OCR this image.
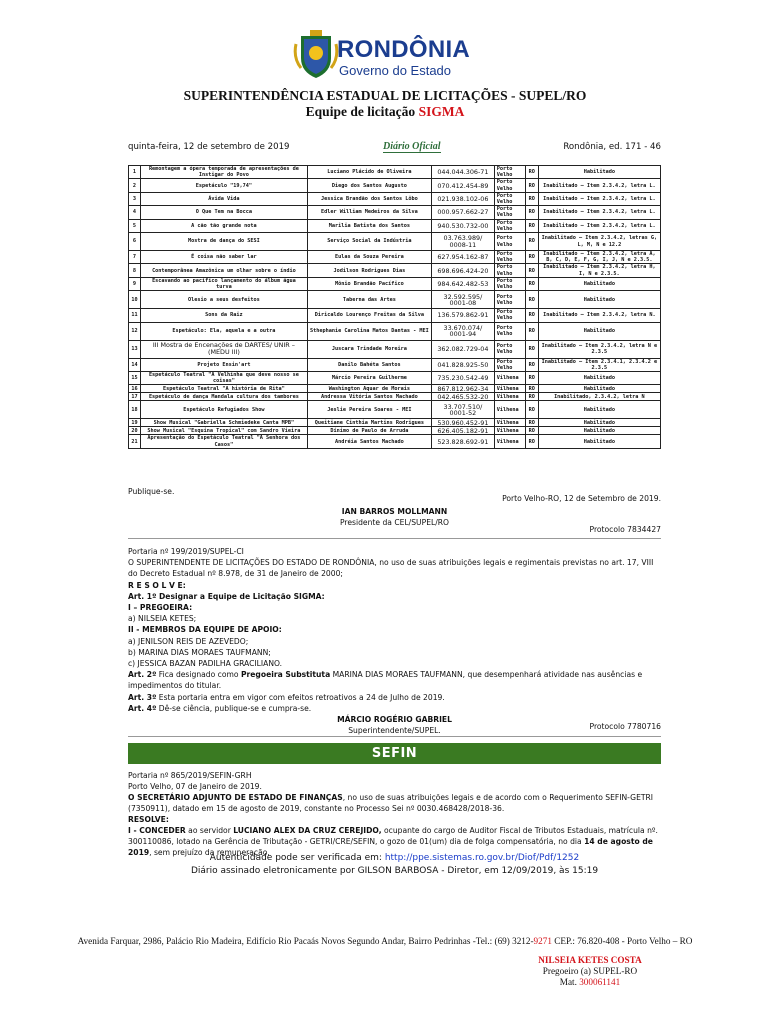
RONDÔNIA
Governo do Estado
SUPERINTENDÊNCIA ESTADUAL DE LICITAÇÕES - SUPEL/RO
Equipe de licitação SIGMA
quinta-feira, 12 de setembro de 2019	Diário Oficial	Rondônia, ed. 171 - 46
1	Remontagem a ópera temporada de apresentações de Instigar do Povo	Luciano Plácido de Oliveira	044.044.306-71	Porto Velho	RO	Habilitado
2	Espetáculo "19,74"	Diego dos Santos Augusto	070.412.454-89	Porto Velho	RO	Inabilitado – Item 2.3.4.2, letra L.
3	Ávida Vida	Jessica Brandão dos Santos Lôbo	021.938.102-06	Porto Velho	RO	Inabilitado – Item 2.3.4.2, letra L.
4	O Que Tem na Bocca	Edler William Medeiros da Silva	000.957.662-27	Porto Velho	RO	Inabilitado – Item 2.3.4.2, letra L.
5	A cão tão grande nota	Marilia Batista dos Santos	940.530.732-00	Porto Velho	RO	Inabilitado – Item 2.3.4.2, letra L.
6	Mostra de dança do SESI	Serviço Social da Indústria	03.763.989/ 0008-11	Porto Velho	RO	Inabilitado – Item 2.3.4.2, letras G, L, M, N e 12.2
7	É coisa não saber lar	Eulas da Souza Pereira	627.954.162-87	Porto Velho	RO	Inabilitado – Item 2.3.4.2, letra A, B, C, D, E, F, G, I, J, N e 2.3.5.
8	Contemporânea Amazônica um olhar sobre o índio	Jodilson Rodrigues Dias	698.696.424-20	Porto Velho	RO	Inabilitado – Item 2.3.4.2, letra H, I, N e 2.3.5.
9	Escavando ao pacifico lançamento do álbum água turva	Mônio Brandão Pacífico	984.642.482-53	Porto Velho	RO	Habilitado
10	Olesio a seus desfeitos	Taberna das Artes	32.592.595/ 0001-08	Porto Velho	RO	Habilitado
11	Sons da Raiz	Diricaldo Lourenço Freitas da Silva	136.579.862-91	Porto Velho	RO	Inabilitado – Item 2.3.4.2, letra N.
12	Espetáculo: Ela, aquela e a outra	Sthephanie Carolina Matos Dantas - MEI	33.670.074/ 0001-94	Porto Velho	RO	Habilitado
13	III Mostra de Encenações de DARTES/ UNIR – (MEDU III)	Juscara Trindade Moreira	362.082.729-04	Porto Velho	RO	Inabilitado – Item 2.3.4.2, letra N e 2.3.5
14	Projeto Ensin'art	Danilo Bahéta Santos	041.828.925-50	Porto Velho	RO	Inabilitado – Item 2.3.4.1, 2.3.4.2 e 2.3.5
15	Espetáculo Teatral "A Velhinha que deve nosso se coisas"	Márcio Pereira Guilherme	735.230.542-49	Vilhena	RO	Habilitado
16	Espetáculo Teatral "A história de Rita"	Washington Aquar de Morais	867.812.962-34	Vilhena	RO	Habilitado
17	Espetáculo de dança Mandala cultura dos tambores	Andressa Vitória Santos Machado	042.465.532-20	Vilhena	RO	Inabilitado, 2.3.4.2, letra N
18	Espetáculo Refugiados Show	Jeslie Pereira Soares - MEI	33.707.510/ 0001-52	Vilhena	RO	Habilitado
19	Show Musical "Gabriella Schmiedeke Canta MPB"	Queitiane Cinthia Martins Rodrigues	530.960.452-91	Vilhena	RO	Habilitado
20	Show Musical "Esquina Tropical" com Sandro Vieira	Dínimo de Paulo de Arruda	626.405.182-91	Vilhena	RO	Habilitado
21	Apresentação do Espetáculo Teatral "A Senhora dos Casos"	Andréia Santos Machado	523.828.692-91	Vilhena	RO	Habilitado
Publique-se.
Porto Velho-RO, 12 de Setembro de 2019.
IAN BARROS MOLLMANN
Presidente da CEL/SUPEL/RO
Protocolo 7834427

Portaria nº 199/2019/SUPEL-CI

O SUPERINTENDENTE DE LICITAÇÕES DO ESTADO DE RONDÔNIA, no uso de suas atribuições legais e regimentais previstas no art. 17, VIII do Decreto Estadual nº 8.978, de 31 de Janeiro de 2000;

R E S O L V E:

Art. 1º Designar a Equipe de Licitação SIGMA:

I – PREGOEIRA:

a) NILSEIA KETES;

II - MEMBROS DA EQUIPE DE APOIO:

a) JENILSON REIS DE AZEVEDO;

b) MARINA DIAS MORAES TAUFMANN;

c) JESSICA BAZAN PADILHA GRACILIANO.

Art. 2º Fica designado como Pregoeira Substituta MARINA DIAS MORAES TAUFMANN, que desempenhará atividade nas ausências e impedimentos do titular.

Art. 3º Esta portaria entra em vigor com efeitos retroativos a 24 de Julho de 2019.

Art. 4º Dê-se ciência, publique-se e cumpra-se.

MÁRCIO ROGÉRIO GABRIEL

Superintendente/SUPEL.	Protocolo 7780716
SEFIN

Portaria nº 865/2019/SEFIN-GRH

Porto Velho, 07 de Janeiro de 2019.

O SECRETÁRIO ADJUNTO DE ESTADO DE FINANÇAS, no uso de suas atribuições legais e de acordo com o Requerimento SEFIN-GETRI (7350911), datado em 15 de agosto de 2019, constante no Processo Sei nº 0030.468428/2018-36.

RESOLVE:

I - CONCEDER ao servidor LUCIANO ALEX DA CRUZ CEREJIDO, ocupante do cargo de Auditor Fiscal de Tributos Estaduais, matrícula nº. 300110086, lotado na Gerência de Tributação - GETRI/CRE/SEFIN, o gozo de 01(um) dia de folga compensatória, no dia 14 de agosto de 2019, sem prejuízo da remuneração,

Autenticidade pode ser verificada em: http://ppe.sistemas.ro.gov.br/Diof/Pdf/1252
Diário assinado eletronicamente por GILSON BARBOSA - Diretor, em 12/09/2019, às 15:19
Avenida Farquar, 2986, Palácio Rio Madeira, Edifício Rio Pacaás Novos Segundo Andar, Bairro Pedrinhas -Tel.: (69) 3212-9271 CEP.: 76.820-408 - Porto Velho – RO
NILSEIA KETES COSTA
Pregoeiro (a) SUPEL-RO
Mat. 300061141
